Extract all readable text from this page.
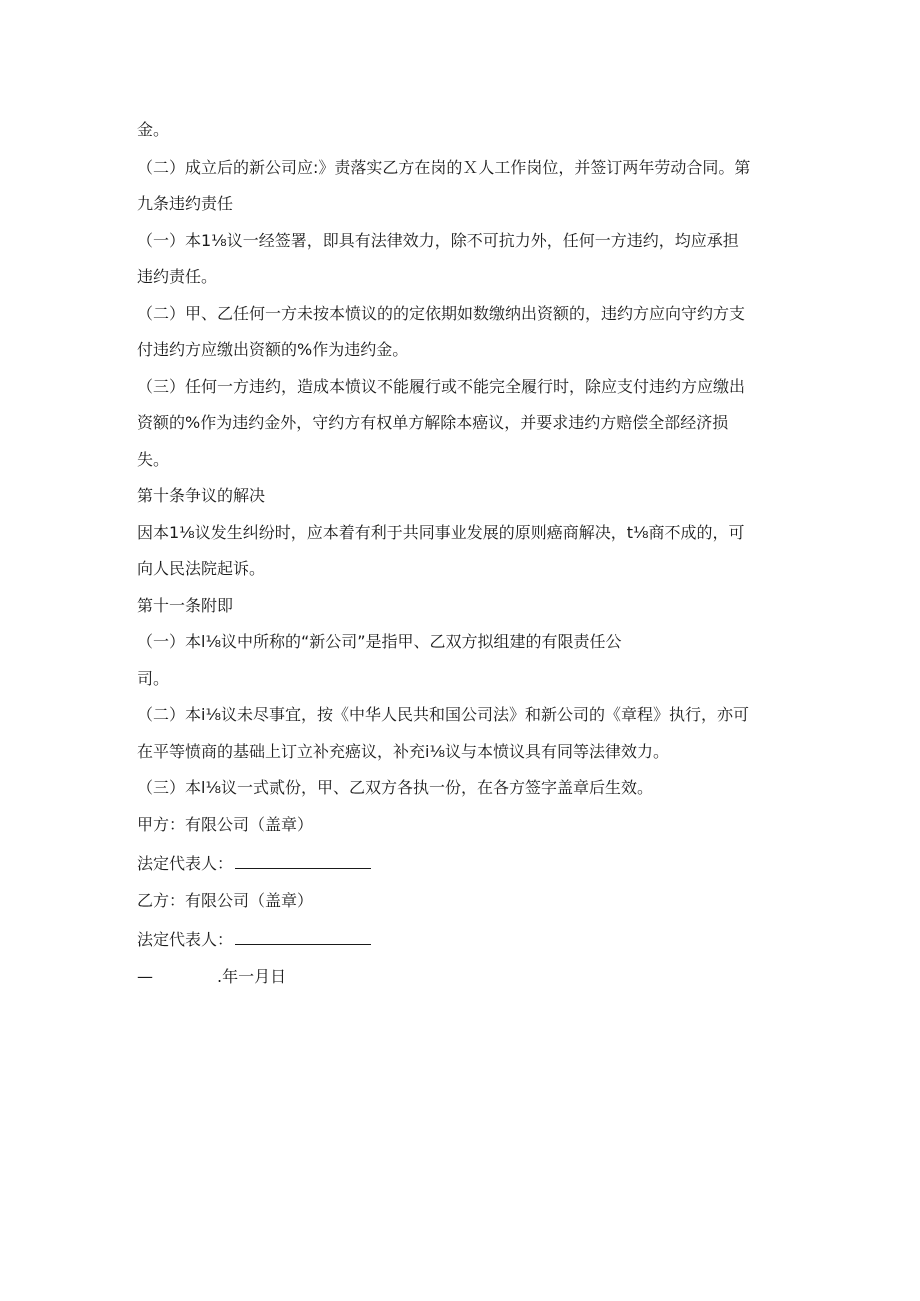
金。
（二）成立后的新公司应:》责落实乙方在岗的Ｘ人工作岗位，并签订两年劳动合同。第
九条违约责任
（一）本1⅛议一经签署，即具有法律效力，除不可抗力外，任何一方违约，均应承担
违约责任。
（二）甲、乙任何一方未按本愤议的的定依期如数缴纳出资额的，违约方应向守约方支
付违约方应缴出资额的%作为违约金。
（三）任何一方违约，造成本愤议不能履行或不能完全履行时，除应支付违约方应缴出
资额的%作为违约金外，守约方有权单方解除本癌议，并要求违约方赔偿全部经济损
失。
第十条争议的解决
因本1⅛议发生纠纷时，应本着有利于共同事业发展的原则癌商解决，t⅛商不成的，可
向人民法院起诉。
第十一条附即
（一）本l⅛议中所称的“新公司”是指甲、乙双方拟组建的有限责任公
司。
（二）本i⅛议未尽事宜，按《中华人民共和国公司法》和新公司的《章程》执行，亦可
在平等愤商的基础上订立补充癌议，补充i⅛议与本愤议具有同等法律效力。
（三）本l⅛议一式贰份，甲、乙双方各执一份，在各方签字盖章后生效。
甲方：有限公司（盖章）
法定代表人：
乙方：有限公司（盖章）
法定代表人：
—	.年一月日
